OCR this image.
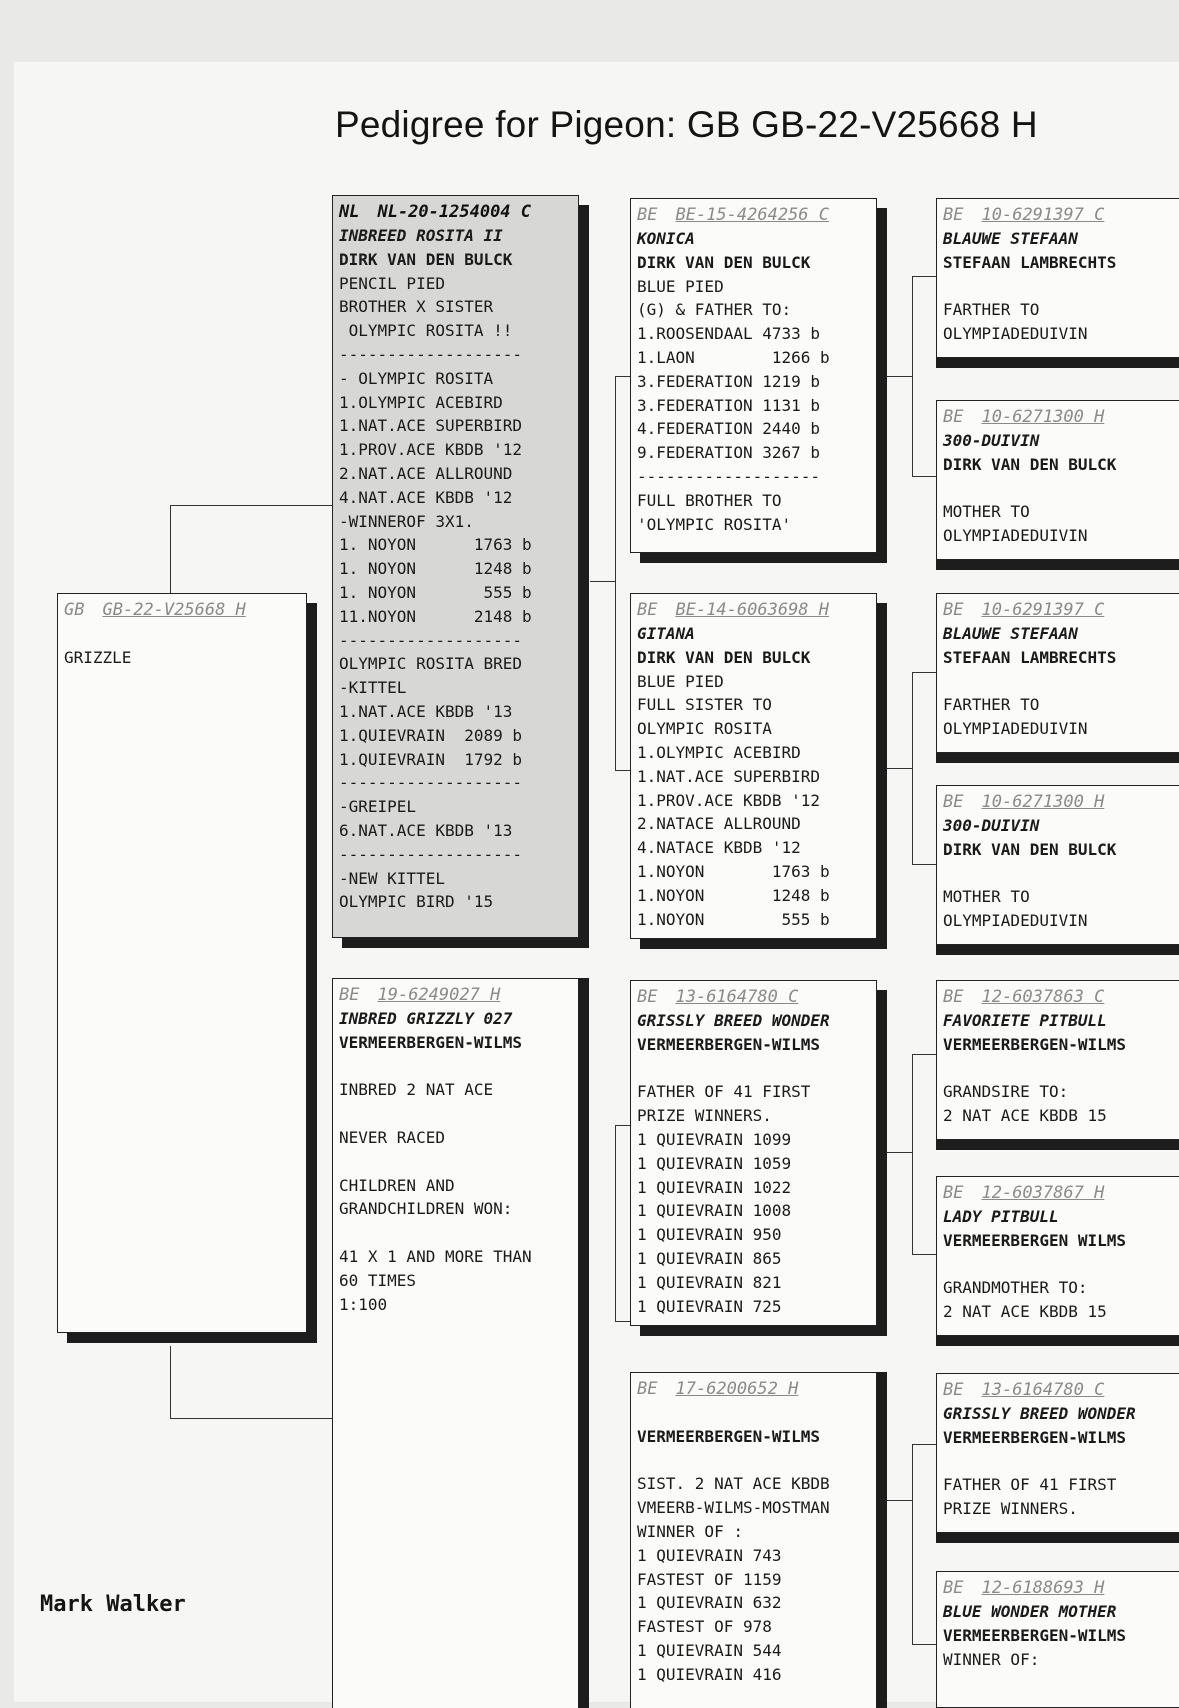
Pedigree for Pigeon: GB GB-22-V25668 H
GB GB-22-V25668 H
GRIZZLE
NL NL-20-1254004 C
INBREED ROSITA II
DIRK VAN DEN BULCK
PENCIL PIED
BROTHER X SISTER
OLYMPIC ROSITA !!
-------------------
- OLYMPIC ROSITA
1.OLYMPIC ACEBIRD
1.NAT.ACE SUPERBIRD
1.PROV.ACE KBDB '12
2.NAT.ACE ALLROUND
4.NAT.ACE KBDB '12
-WINNEROF 3X1.
1. NOYON      1763 b
1. NOYON      1248 b
1. NOYON       555 b
11.NOYON      2148 b
-------------------
OLYMPIC ROSITA BRED
-KITTEL
1.NAT.ACE KBDB '13
1.QUIEVRAIN  2089 b
1.QUIEVRAIN  1792 b
-------------------
-GREIPEL
6.NAT.ACE KBDB '13
-------------------
-NEW KITTEL
OLYMPIC BIRD '15
BE 19-6249027 H
INBRED GRIZZLY 027
VERMEERBERGEN-WILMS
INBRED 2 NAT ACE
NEVER RACED
CHILDREN AND
GRANDCHILDREN WON:
41 X 1 AND MORE THAN
60 TIMES
1:100
BE BE-15-4264256 C
KONICA
DIRK VAN DEN BULCK
BLUE PIED
(G) & FATHER TO:
1.ROOSENDAAL 4733 b
1.LAON        1266 b
3.FEDERATION 1219 b
3.FEDERATION 1131 b
4.FEDERATION 2440 b
9.FEDERATION 3267 b
-------------------
FULL BROTHER TO
'OLYMPIC ROSITA'
BE BE-14-6063698 H
GITANA
DIRK VAN DEN BULCK
BLUE PIED
FULL SISTER TO
OLYMPIC ROSITA
1.OLYMPIC ACEBIRD
1.NAT.ACE SUPERBIRD
1.PROV.ACE KBDB '12
2.NATACE ALLROUND
4.NATACE KBDB '12
1.NOYON       1763 b
1.NOYON       1248 b
1.NOYON        555 b
BE 13-6164780 C
GRISSLY BREED WONDER
VERMEERBERGEN-WILMS
FATHER OF 41 FIRST
PRIZE WINNERS.
1 QUIEVRAIN 1099
1 QUIEVRAIN 1059
1 QUIEVRAIN 1022
1 QUIEVRAIN 1008
1 QUIEVRAIN 950
1 QUIEVRAIN 865
1 QUIEVRAIN 821
1 QUIEVRAIN 725
BE 17-6200652 H
VERMEERBERGEN-WILMS
SIST. 2 NAT ACE KBDB
VMEERB-WILMS-MOSTMAN
WINNER OF :
1 QUIEVRAIN 743
FASTEST OF 1159
1 QUIEVRAIN 632
FASTEST OF 978
1 QUIEVRAIN 544
1 QUIEVRAIN 416
BE 10-6291397 C
BLAUWE STEFAAN
STEFAAN LAMBRECHTS
FARTHER TO
OLYMPIADEDUIVIN
BE 10-6271300 H
300-DUIVIN
DIRK VAN DEN BULCK
MOTHER TO
OLYMPIADEDUIVIN
BE 10-6291397 C
BLAUWE STEFAAN
STEFAAN LAMBRECHTS
FARTHER TO
OLYMPIADEDUIVIN
BE 10-6271300 H
300-DUIVIN
DIRK VAN DEN BULCK
MOTHER TO
OLYMPIADEDUIVIN
BE 12-6037863 C
FAVORIETE PITBULL
VERMEERBERGEN-WILMS
GRANDSIRE TO:
2 NAT ACE KBDB 15
BE 12-6037867 H
LADY PITBULL
VERMEERBERGEN WILMS
GRANDMOTHER TO:
2 NAT ACE KBDB 15
BE 13-6164780 C
GRISSLY BREED WONDER
VERMEERBERGEN-WILMS
FATHER OF 41 FIRST
PRIZE WINNERS.
BE 12-6188693 H
BLUE WONDER MOTHER
VERMEERBERGEN-WILMS
WINNER OF:
Mark Walker
